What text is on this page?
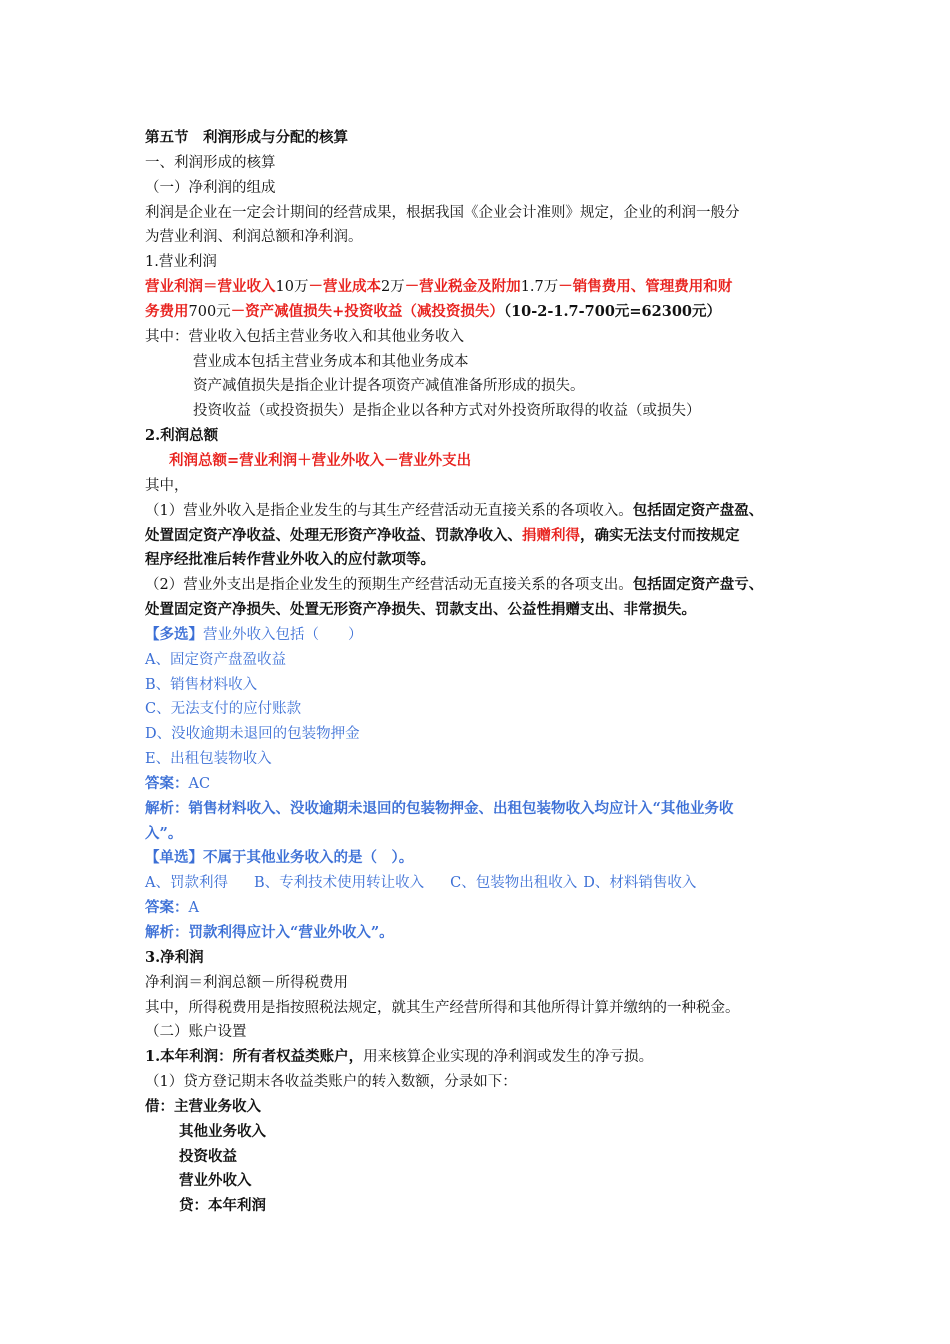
第五节　利润形成与分配的核算
一、利润形成的核算
（一）净利润的组成
利润是企业在一定会计期间的经营成果，根据我国《企业会计准则》规定，企业的利润一般分
为营业利润、利润总额和净利润。
1.营业利润
营业利润＝营业收入10万－营业成本2万－营业税金及附加1.7万－销售费用、管理费用和财
务费用700元－资产减值损失+投资收益（减投资损失）（10-2-1.7-700元=62300元）
其中：营业收入包括主营业务收入和其他业务收入
营业成本包括主营业务成本和其他业务成本
资产减值损失是指企业计提各项资产减值准备所形成的损失。
投资收益（或投资损失）是指企业以各种方式对外投资所取得的收益（或损失）
2.利润总额
利润总额=营业利润＋营业外收入－营业外支出
其中，
（1）营业外收入是指企业发生的与其生产经营活动无直接关系的各项收入。包括固定资产盘盈、
处置固定资产净收益、处理无形资产净收益、罚款净收入、捐赠利得，确实无法支付而按规定
程序经批准后转作营业外收入的应付款项等。
（2）营业外支出是指企业发生的预期生产经营活动无直接关系的各项支出。包括固定资产盘亏、
处置固定资产净损失、处置无形资产净损失、罚款支出、公益性捐赠支出、非常损失。
【多选】营业外收入包括（　　）
A、固定资产盘盈收益
B、销售材料收入
C、无法支付的应付账款
D、没收逾期未退回的包装物押金
E、出租包装物收入
答案：AC
解析：销售材料收入、没收逾期未退回的包装物押金、出租包装物收入均应计入“其他业务收
入”。
【单选】不属于其他业务收入的是（　）。
A、罚款利得 B、专利技术使用转让收入 C、包装物出租收入 D、材料销售收入
答案：A
解析：罚款利得应计入“营业外收入”。
3.净利润
净利润＝利润总额－所得税费用
其中，所得税费用是指按照税法规定，就其生产经营所得和其他所得计算并缴纳的一种税金。
（二）账户设置
1.本年利润：所有者权益类账户，用来核算企业实现的净利润或发生的净亏损。
（1）贷方登记期末各收益类账户的转入数额，分录如下：
借：主营业务收入
其他业务收入
投资收益
营业外收入
贷：本年利润
